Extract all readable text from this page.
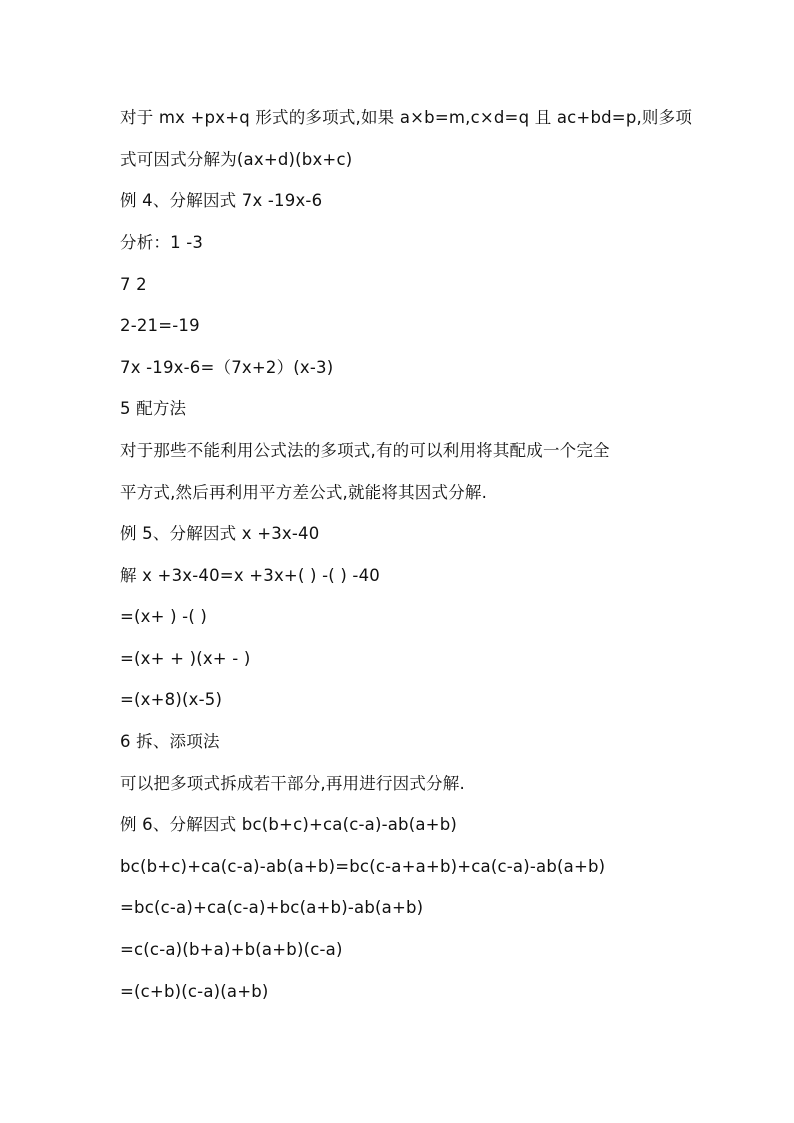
对于 mx +px+q 形式的多项式,如果 a×b=m,c×d=q 且 ac+bd=p,则多项

式可因式分解为(ax+d)(bx+c)

例 4、分解因式 7x -19x-6

分析：1 -3

7 2

2-21=-19

7x -19x-6=（7x+2）(x-3)

5 配方法

对于那些不能利用公式法的多项式,有的可以利用将其配成一个完全

平方式,然后再利用平方差公式,就能将其因式分解.

例 5、分解因式 x +3x-40

解 x +3x-40=x +3x+( ) -( ) -40

=(x+ ) -( )

=(x+ + )(x+ - )

=(x+8)(x-5)

6 拆、添项法

可以把多项式拆成若干部分,再用进行因式分解.

例 6、分解因式 bc(b+c)+ca(c-a)-ab(a+b)

bc(b+c)+ca(c-a)-ab(a+b)=bc(c-a+a+b)+ca(c-a)-ab(a+b)

=bc(c-a)+ca(c-a)+bc(a+b)-ab(a+b)

=c(c-a)(b+a)+b(a+b)(c-a)

=(c+b)(c-a)(a+b)
